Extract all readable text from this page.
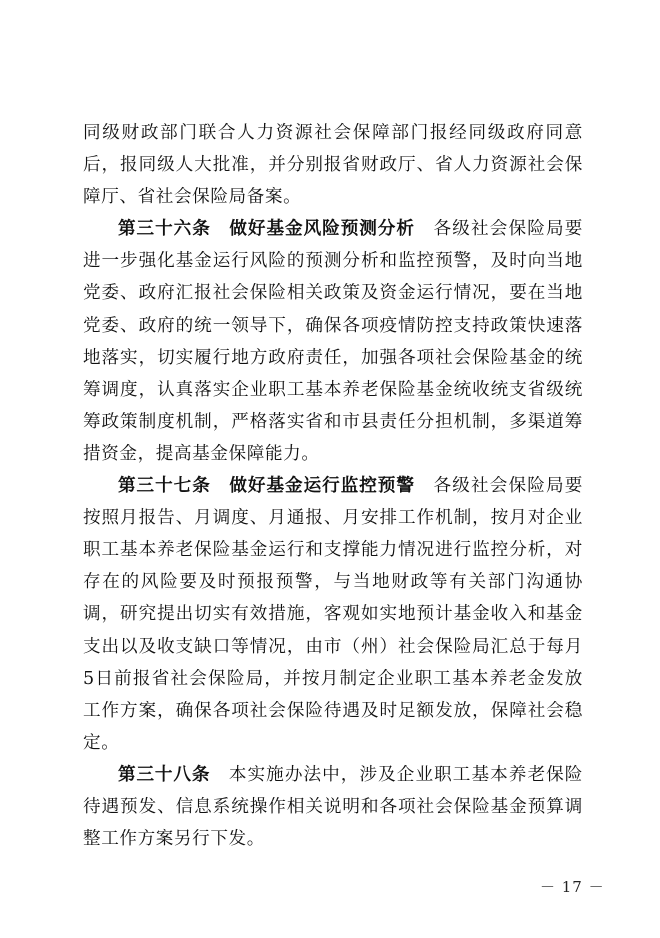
同级财政部门联合人力资源社会保障部门报经同级政府同意后，报同级人大批准，并分别报省财政厅、省人力资源社会保障厅、省社会保险局备案。

第三十六条 做好基金风险预测分析 各级社会保险局要进一步强化基金运行风险的预测分析和监控预警，及时向当地党委、政府汇报社会保险相关政策及资金运行情况，要在当地党委、政府的统一领导下，确保各项疫情防控支持政策快速落地落实，切实履行地方政府责任，加强各项社会保险基金的统筹调度，认真落实企业职工基本养老保险基金统收统支省级统筹政策制度机制，严格落实省和市县责任分担机制，多渠道筹措资金，提高基金保障能力。

第三十七条 做好基金运行监控预警 各级社会保险局要按照月报告、月调度、月通报、月安排工作机制，按月对企业职工基本养老保险基金运行和支撑能力情况进行监控分析，对存在的风险要及时预报预警，与当地财政等有关部门沟通协调，研究提出切实有效措施，客观如实地预计基金收入和基金支出以及收支缺口等情况，由市（州）社会保险局汇总于每月5日前报省社会保险局，并按月制定企业职工基本养老金发放工作方案，确保各项社会保险待遇及时足额发放，保障社会稳定。

第三十八条 本实施办法中，涉及企业职工基本养老保险待遇预发、信息系统操作相关说明和各项社会保险基金预算调整工作方案另行下发。

－ 17 －
